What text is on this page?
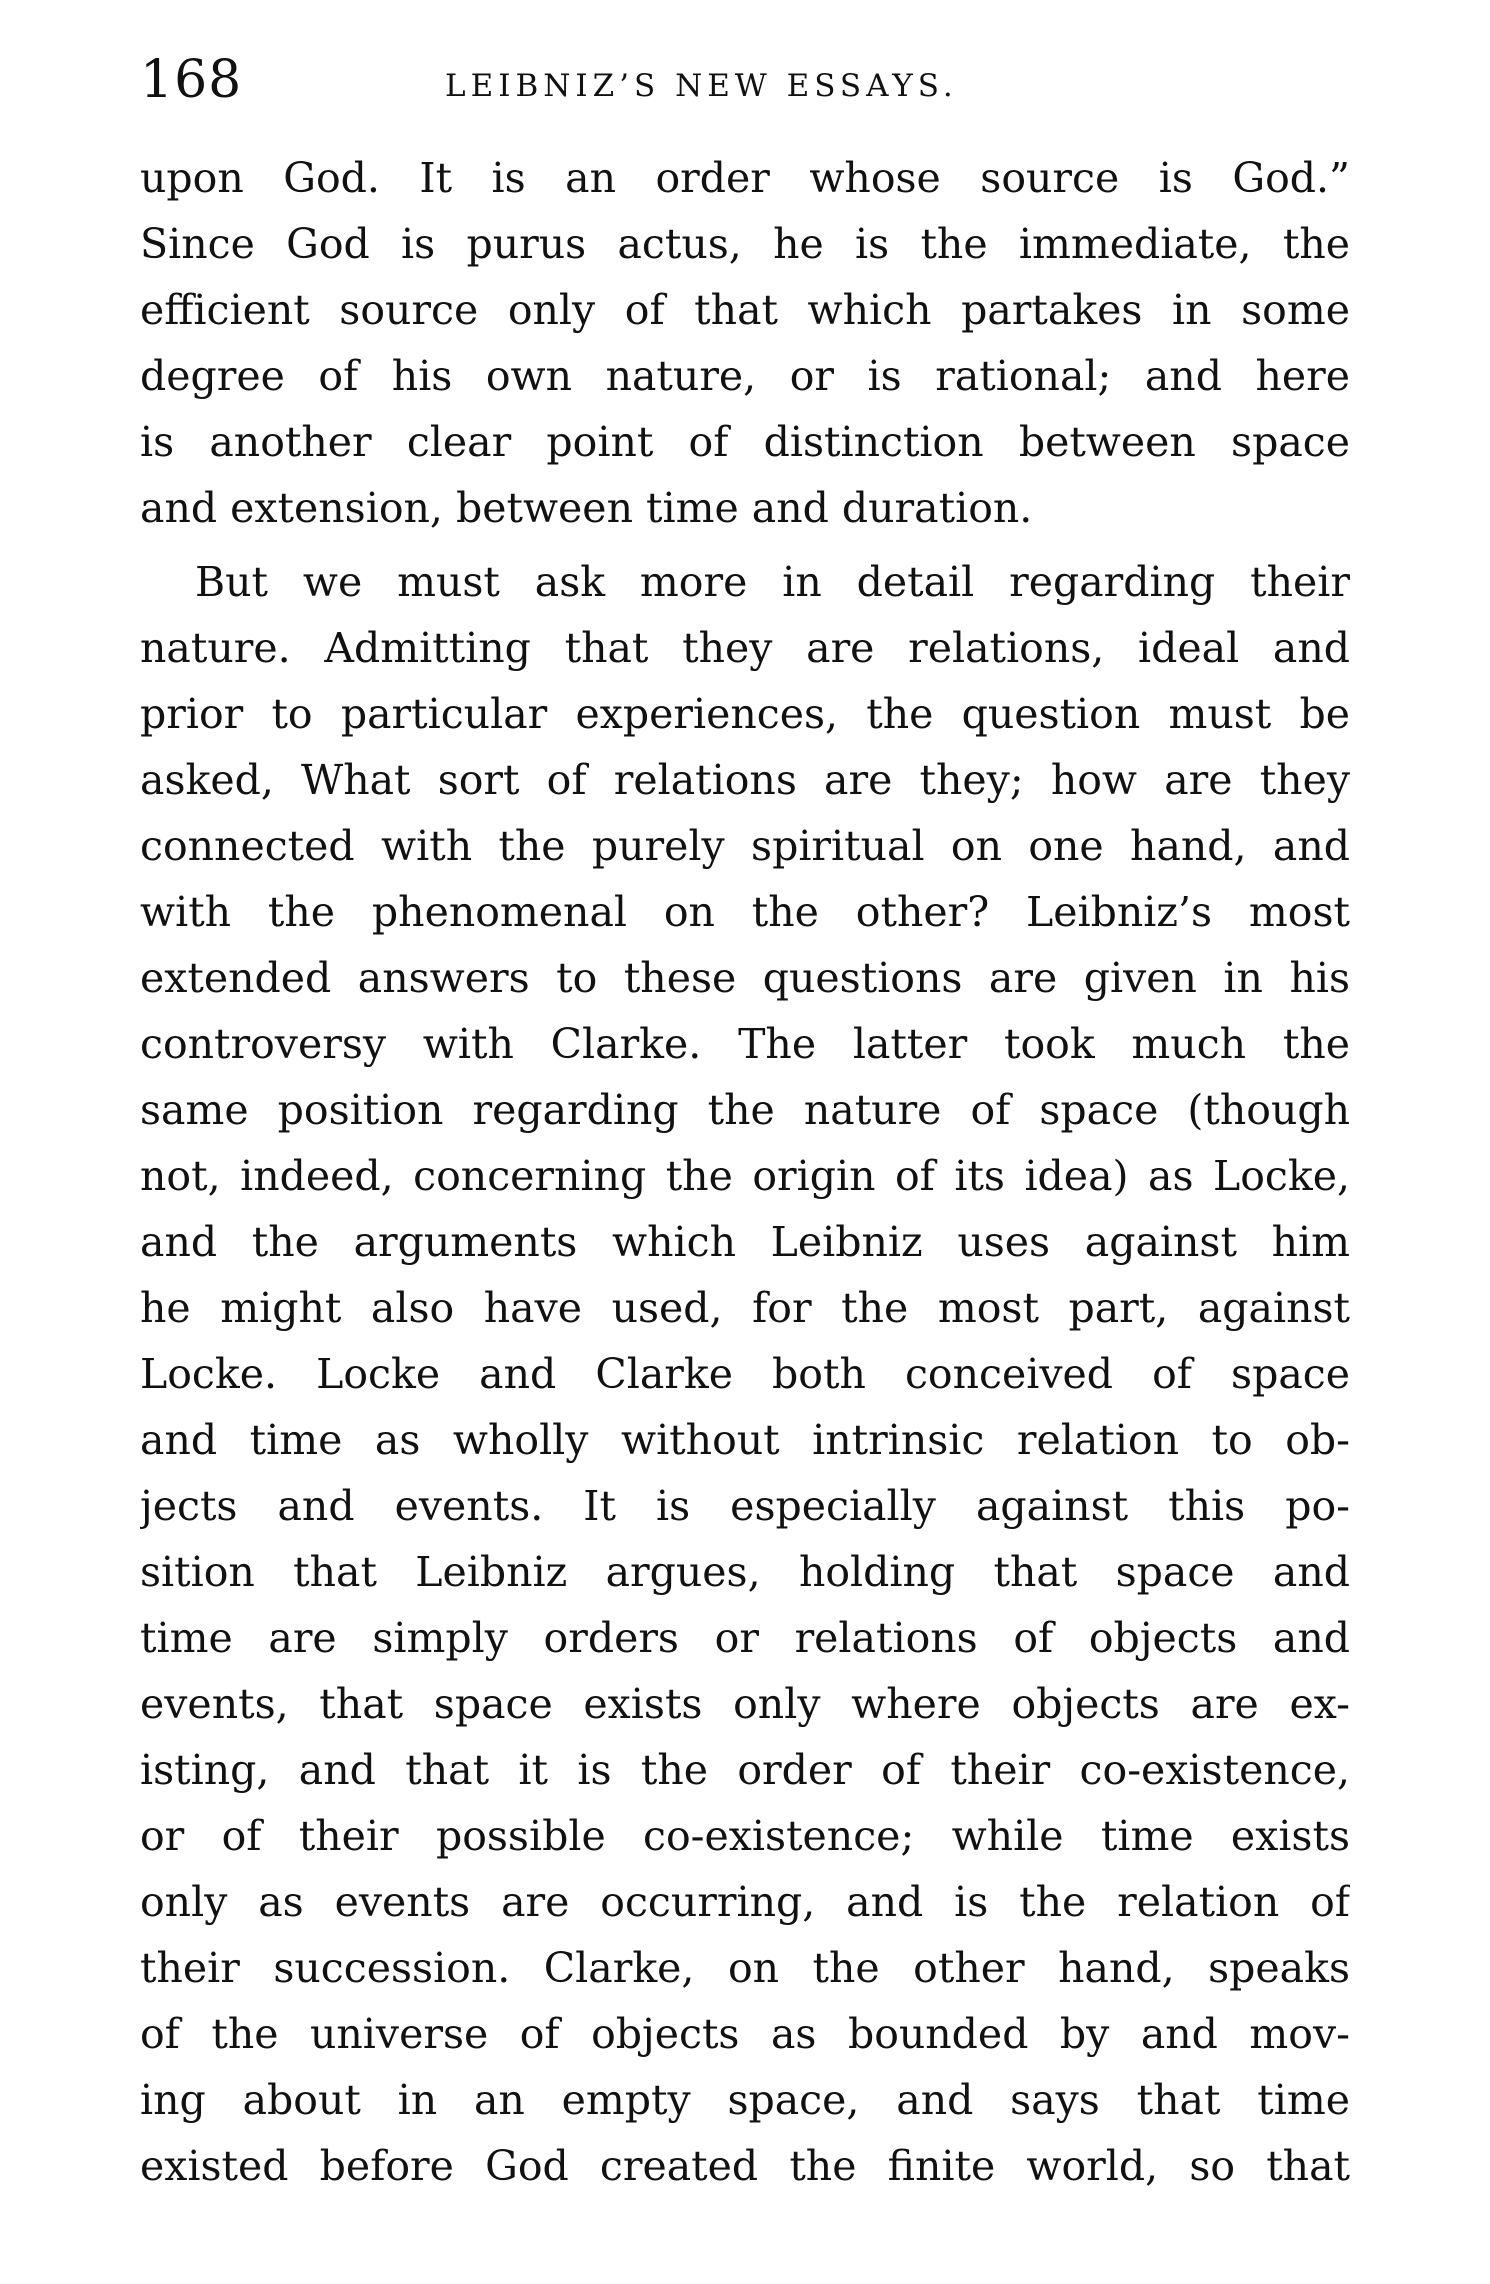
168	LEIBNIZ’S NEW ESSAYS.
upon God. It is an order whose source is God.”
Since God is purus actus, he is the immediate, the
efficient source only of that which partakes in some
degree of his own nature, or is rational; and here
is another clear point of distinction between space
and extension, between time and duration.
But we must ask more in detail regarding their
nature. Admitting that they are relations, ideal and
prior to particular experiences, the question must be
asked, What sort of relations are they; how are they
connected with the purely spiritual on one hand, and
with the phenomenal on the other? Leibniz’s most
extended answers to these questions are given in his
controversy with Clarke. The latter took much the
same position regarding the nature of space (though
not, indeed, concerning the origin of its idea) as Locke,
and the arguments which Leibniz uses against him
he might also have used, for the most part, against
Locke. Locke and Clarke both conceived of space
and time as wholly without intrinsic relation to ob-
jects and events. It is especially against this po-
sition that Leibniz argues, holding that space and
time are simply orders or relations of objects and
events, that space exists only where objects are ex-
isting, and that it is the order of their co-existence,
or of their possible co-existence; while time exists
only as events are occurring, and is the relation of
their succession. Clarke, on the other hand, speaks
of the universe of objects as bounded by and mov-
ing about in an empty space, and says that time
existed before God created the finite world, so that
